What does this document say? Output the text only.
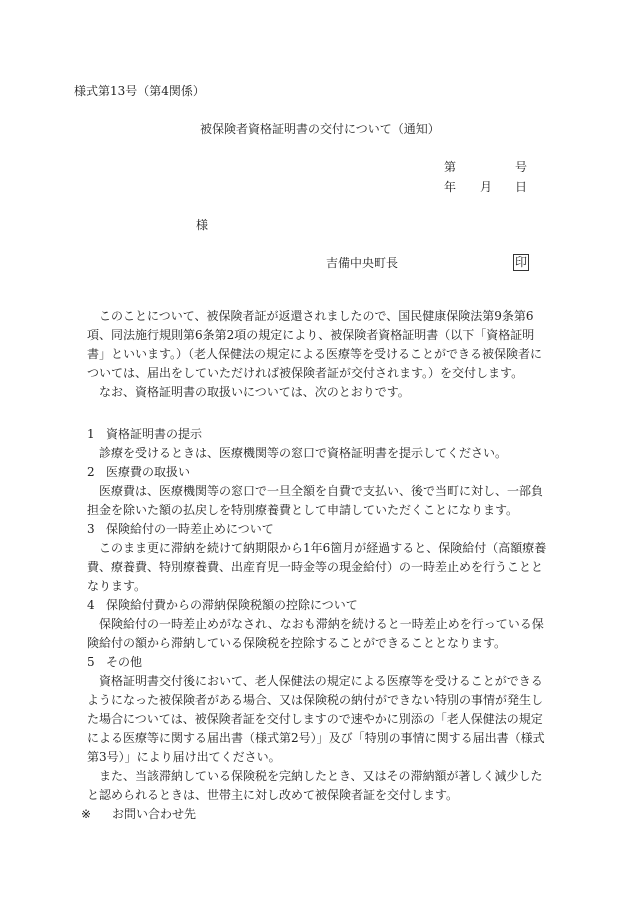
様式第13号（第4関係）
被保険者資格証明書の交付について（通知）
第	号
年 月 日
様
吉備中央町長	印
このことについて、被保険者証が返還されましたので、国民健康保険法第9条第6項、同法施行規則第6条第2項の規定により、被保険者資格証明書（以下「資格証明書」といいます。）（老人保健法の規定による医療等を受けることができる被保険者については、届出をしていただければ被保険者証が交付されます。）を交付します。
なお、資格証明書の取扱いについては、次のとおりです。
1 資格証明書の提示
診療を受けるときは、医療機関等の窓口で資格証明書を提示してください。
2 医療費の取扱い
医療費は、医療機関等の窓口で一旦全額を自費で支払い、後で当町に対し、一部負担金を除いた額の払戻しを特別療養費として申請していただくことになります。
3 保険給付の一時差止めについて
このまま更に滞納を続けて納期限から1年6箇月が経過すると、保険給付（高額療養費、療養費、特別療養費、出産育児一時金等の現金給付）の一時差止めを行うこととなります。
4 保険給付費からの滞納保険税額の控除について
保険給付の一時差止めがなされ、なおも滞納を続けると一時差止めを行っている保険給付の額から滞納している保険税を控除することができることとなります。
5 その他
資格証明書交付後において、老人保健法の規定による医療等を受けることができるようになった被保険者がある場合、又は保険税の納付ができない特別の事情が発生した場合については、被保険者証を交付しますので速やかに別添の「老人保健法の規定による医療等に関する届出書（様式第2号）」及び「特別の事情に関する届出書（様式第3号）」により届け出てください。
また、当該滞納している保険税を完納したとき、又はその滞納額が著しく減少したと認められるときは、世帯主に対し改めて被保険者証を交付します。
※ お問い合わせ先
